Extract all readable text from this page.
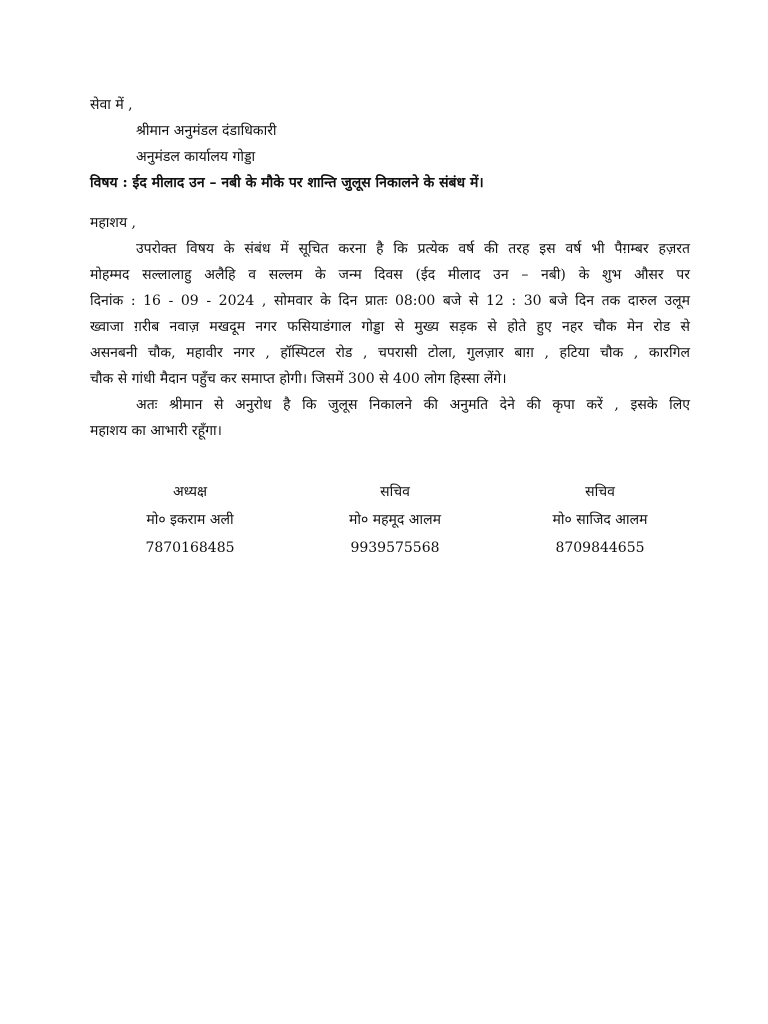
सेवा में ,
श्रीमान अनुमंडल दंडाधिकारी
अनुमंडल कार्यालय गोड्डा
विषय : ईद मीलाद उन – नबी के मौके पर शान्ति जुलूस निकालने के संबंध में।
महाशय ,
उपरोक्त विषय के संबंध में सूचित करना है कि प्रत्येक वर्ष की तरह इस वर्ष भी पैग़म्बर हज़रत
मोहम्मद सल्लालाहु अलैहि व सल्लम के जन्म दिवस (ईद मीलाद उन – नबी) के शुभ औसर पर
दिनांक : 16 - 09 - 2024 , सोमवार के दिन प्रातः 08:00 बजे से 12 : 30 बजे दिन तक दारुल उलूम
ख्वाजा ग़रीब नवाज़ मखदूम नगर फसियाडंगाल गोड्डा से मुख्य सड़क से होते हुए नहर चौक मेन रोड से
असनबनी चौक, महावीर नगर , हॉस्पिटल रोड , चपरासी टोला, गुलज़ार बाग़ , हटिया चौक , कारगिल
चौक से गांधी मैदान पहुँच कर समाप्त होगी। जिसमें 300 से 400 लोग हिस्सा लेंगे।
अतः श्रीमान से अनुरोध है कि जुलूस निकालने की अनुमति देने की कृपा करें , इसके लिए
महाशय का आभारी रहूँगा।
अध्यक्ष
मो० इकराम अली
7870168485
सचिव
मो० महमूद आलम
9939575568
सचिव
मो० साजिद आलम
8709844655
